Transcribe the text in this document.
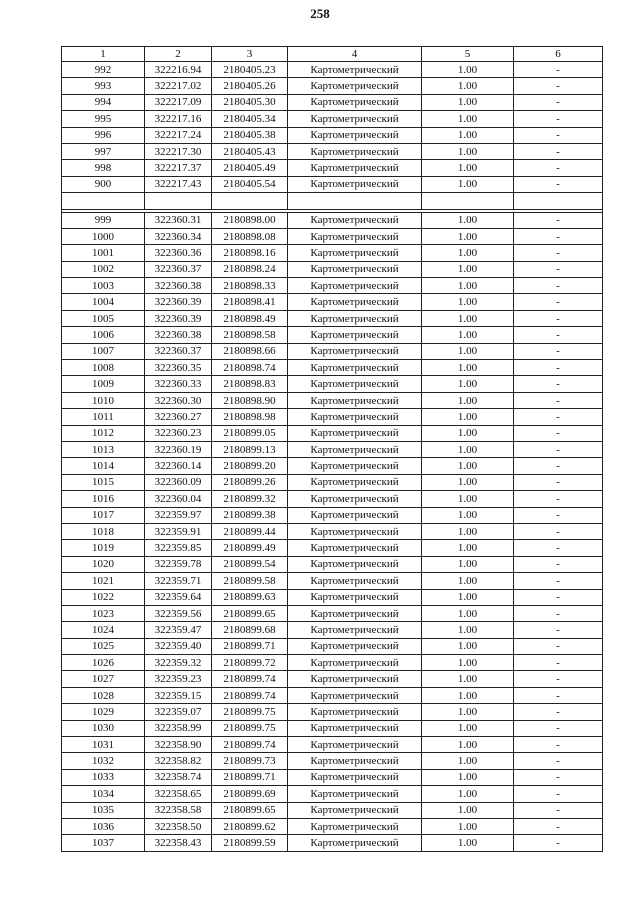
258
1	2	3	4	5	6
992	322216.94	2180405.23	Картометрический	1.00	-
993	322217.02	2180405.26	Картометрический	1.00	-
994	322217.09	2180405.30	Картометрический	1.00	-
995	322217.16	2180405.34	Картометрический	1.00	-
996	322217.24	2180405.38	Картометрический	1.00	-
997	322217.30	2180405.43	Картометрический	1.00	-
998	322217.37	2180405.49	Картометрический	1.00	-
900	322217.43	2180405.54	Картометрический	1.00	-

999	322360.31	2180898.00	Картометрический	1.00	-
1000	322360.34	2180898.08	Картометрический	1.00	-
1001	322360.36	2180898.16	Картометрический	1.00	-
1002	322360.37	2180898.24	Картометрический	1.00	-
1003	322360.38	2180898.33	Картометрический	1.00	-
1004	322360.39	2180898.41	Картометрический	1.00	-
1005	322360.39	2180898.49	Картометрический	1.00	-
1006	322360.38	2180898.58	Картометрический	1.00	-
1007	322360.37	2180898.66	Картометрический	1.00	-
1008	322360.35	2180898.74	Картометрический	1.00	-
1009	322360.33	2180898.83	Картометрический	1.00	-
1010	322360.30	2180898.90	Картометрический	1.00	-
1011	322360.27	2180898.98	Картометрический	1.00	-
1012	322360.23	2180899.05	Картометрический	1.00	-
1013	322360.19	2180899.13	Картометрический	1.00	-
1014	322360.14	2180899.20	Картометрический	1.00	-
1015	322360.09	2180899.26	Картометрический	1.00	-
1016	322360.04	2180899.32	Картометрический	1.00	-
1017	322359.97	2180899.38	Картометрический	1.00	-
1018	322359.91	2180899.44	Картометрический	1.00	-
1019	322359.85	2180899.49	Картометрический	1.00	-
1020	322359.78	2180899.54	Картометрический	1.00	-
1021	322359.71	2180899.58	Картометрический	1.00	-
1022	322359.64	2180899.63	Картометрический	1.00	-
1023	322359.56	2180899.65	Картометрический	1.00	-
1024	322359.47	2180899.68	Картометрический	1.00	-
1025	322359.40	2180899.71	Картометрический	1.00	-
1026	322359.32	2180899.72	Картометрический	1.00	-
1027	322359.23	2180899.74	Картометрический	1.00	-
1028	322359.15	2180899.74	Картометрический	1.00	-
1029	322359.07	2180899.75	Картометрический	1.00	-
1030	322358.99	2180899.75	Картометрический	1.00	-
1031	322358.90	2180899.74	Картометрический	1.00	-
1032	322358.82	2180899.73	Картометрический	1.00	-
1033	322358.74	2180899.71	Картометрический	1.00	-
1034	322358.65	2180899.69	Картометрический	1.00	-
1035	322358.58	2180899.65	Картометрический	1.00	-
1036	322358.50	2180899.62	Картометрический	1.00	-
1037	322358.43	2180899.59	Картометрический	1.00	-
